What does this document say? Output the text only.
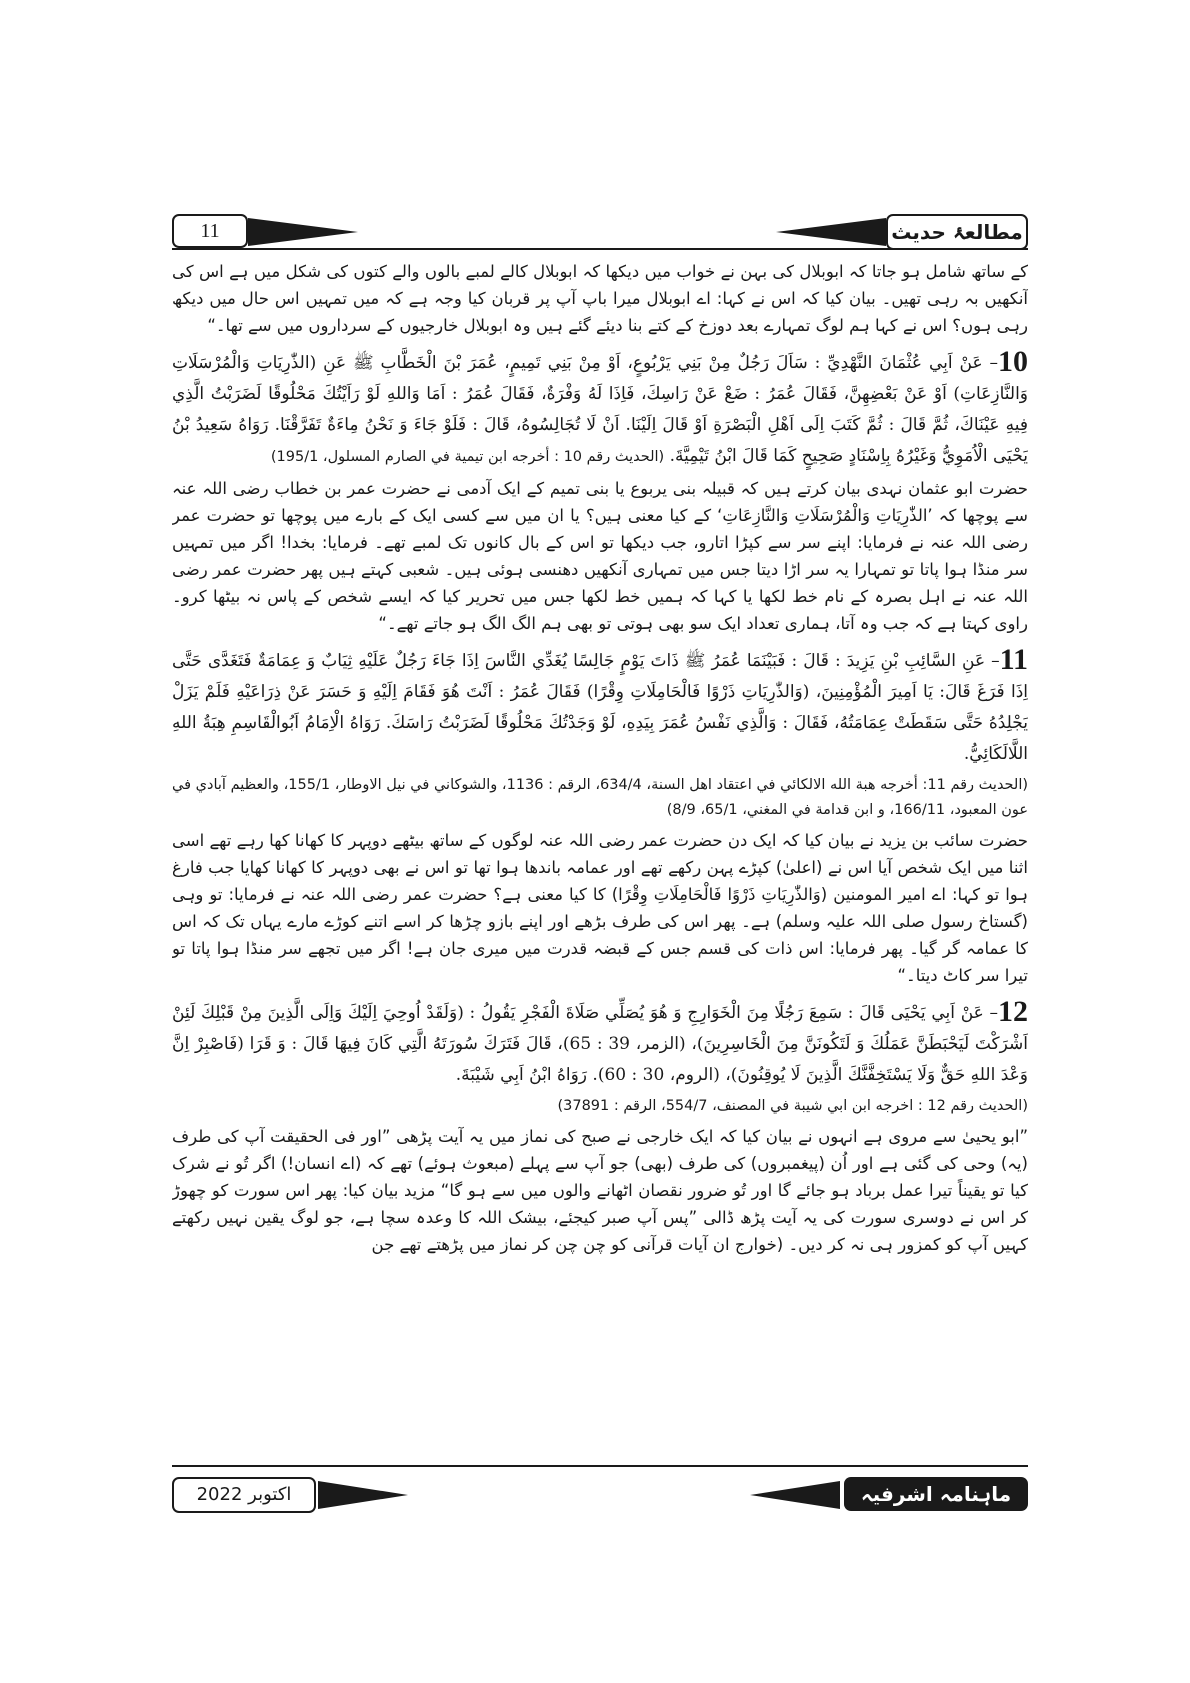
11	مطالعۂ حدیث

کے ساتھ شامل ہو جاتا کہ ابوبلال کی بہن نے خواب میں دیکھا کہ ابوبلال کالے لمبے بالوں والے کتوں کی شکل میں ہے اس کی آنکھیں بہ رہی تھیں۔ بیان کیا کہ اس نے کہا: اے ابوبلال میرا باپ آپ پر قربان کیا وجہ ہے کہ میں تمہیں اس حال میں دیکھ رہی ہوں؟ اس نے کہا ہم لوگ تمہارے بعد دوزخ کے کتے بنا دیئے گئے ہیں وہ ابوبلال خارجیوں کے سرداروں میں سے تھا۔“

10– عَنْ اَبِي عُثْمَانَ النَّهْدِيِّ : سَاَلَ رَجُلٌ مِنْ بَنِي يَرْبُوعٍ، اَوْ مِنْ بَنِي تَمِيمٍ، عُمَرَ بْنَ الْخَطَّابِ ﷺ عَنِ (الذّٰرِيَاتِ وَالْمُرْسَلَاتِ وَالنَّازِعَاتِ) اَوْ عَنْ بَعْضِهِنَّ، فَقَالَ عُمَرُ : ضَعْ عَنْ رَاسِكَ، فَاِذَا لَهُ وَفْرَةٌ، فَقَالَ عُمَرُ : اَمَا وَاللهِ لَوْ رَاَيْتُكَ مَحْلُوقًا لَضَرَبْتُ الَّذِي فِيهِ عَيْنَاكَ، ثُمَّ قَالَ : ثُمَّ كَتَبَ اِلَى اَهْلِ الْبَصْرَةِ اَوْ قَالَ اِلَيْنَا. اَنْ لَا تُجَالِسُوهُ، قَالَ : فَلَوْ جَاءَ وَ نَحْنُ مِاءَةٌ تَفَرَّقْنَا. رَوَاهُ سَعِيدُ بْنُ يَحْيَى الْاُمَوِيُّ وَغَيْرُهُ بِاِسْنَادٍ صَحِيحٍ كَمَا قَالَ ابْنُ تَيْمِيَّةَ. (الحديث رقم 10 : أخرجه ابن تيمية في الصارم المسلول، 195/1)

حضرت ابو عثمان نہدی بیان کرتے ہیں کہ قبیلہ بنی یربوع یا بنی تمیم کے ایک آدمی نے حضرت عمر بن خطاب رضی اللہ عنہ سے پوچھا کہ ’الذّٰرِيَاتِ وَالْمُرْسَلَاتِ وَالنَّازِعَاتِ‘ کے کیا معنی ہیں؟ یا ان میں سے کسی ایک کے بارے میں پوچھا تو حضرت عمر رضی اللہ عنہ نے فرمایا: اپنے سر سے کپڑا اتارو، جب دیکھا تو اس کے بال کانوں تک لمبے تھے۔ فرمایا: بخدا! اگر میں تمہیں سر منڈا ہوا پاتا تو تمہارا یہ سر اڑا دیتا جس میں تمہاری آنکھیں دھنسی ہوئی ہیں۔ شعبی کہتے ہیں پھر حضرت عمر رضی اللہ عنہ نے اہل بصرہ کے نام خط لکھا یا کہا کہ ہمیں خط لکھا جس میں تحریر کیا کہ ایسے شخص کے پاس نہ بیٹھا کرو۔ راوی کہتا ہے کہ جب وہ آتا، ہماری تعداد ایک سو بھی ہوتی تو بھی ہم الگ الگ ہو جاتے تھے۔“

11– عَنِ السَّائِبِ بْنِ يَزِيدَ : قَالَ : فَبَيْنَمَا عُمَرُ ﷺ ذَاتَ يَوْمٍ جَالِسًا يُغَدِّي النَّاسَ اِذَا جَاءَ رَجُلٌ عَلَيْهِ ثِيَابٌ وَ عِمَامَةٌ فَتَغَدَّى حَتَّى اِذَا فَرَغَ قَالَ: يَا اَمِيرَ الْمُؤْمِنِينَ، (وَالذّٰرِيَاتِ ذَرْوًا فَالْحَامِلَاتِ وِقْرًا) فَقَالَ عُمَرُ : اَنْتَ هُوَ فَقَامَ اِلَيْهِ وَ حَسَرَ عَنْ ذِرَاعَيْهِ فَلَمْ يَزَلْ يَجْلِدُهُ حَتَّى سَقَطَتْ عِمَامَتُهُ، فَقَالَ : وَالَّذِي نَفْسُ عُمَرَ بِيَدِهِ، لَوْ وَجَدْتُكَ مَحْلُوقًا لَضَرَبْتُ رَاسَكَ. رَوَاهُ الْاِمَامُ اَبُوالْقَاسِمِ هِبَةُ اللهِ اللَّالَكَائِيُّ.

(الحديث رقم 11: أخرجه هبة الله الالكائي في اعتقاد اهل السنة، 634/4، الرقم : 1136، والشوكاني في نيل الاوطار، 155/1، والعظيم آبادي في عون المعبود، 166/11، و ابن قدامة في المغني، 65/1، 8/9)

حضرت سائب بن یزید نے بیان کیا کہ ایک دن حضرت عمر رضی اللہ عنہ لوگوں کے ساتھ بیٹھے دوپہر کا کھانا کھا رہے تھے اسی اثنا میں ایک شخص آیا اس نے (اعلیٰ) کپڑے پہن رکھے تھے اور عمامہ باندھا ہوا تھا تو اس نے بھی دوپہر کا کھانا کھایا جب فارغ ہوا تو کہا: اے امیر المومنین (وَالذّٰرِيَاتِ ذَرْوًا فَالْحَامِلَاتِ وِقْرًا) کا کیا معنی ہے؟ حضرت عمر رضی اللہ عنہ نے فرمایا: تو وہی (گستاخ رسول صلی اللہ علیہ وسلم) ہے۔ پھر اس کی طرف بڑھے اور اپنے بازو چڑھا کر اسے اتنے کوڑے مارے یہاں تک کہ اس کا عمامہ گر گیا۔ پھر فرمایا: اس ذات کی قسم جس کے قبضہ قدرت میں میری جان ہے! اگر میں تجھے سر منڈا ہوا پاتا تو تیرا سر کاٹ دیتا۔“

12– عَنْ اَبِي يَحْيَى قَالَ : سَمِعَ رَجُلًا مِنَ الْخَوَارِجِ وَ هُوَ يُصَلِّي صَلَاةَ الْفَجْرِ يَقُولُ : (وَلَقَدْ اُوحِيَ اِلَيْكَ وَاِلَى الَّذِينَ مِنْ قَبْلِكَ لَئِنْ اَشْرَكْتَ لَيَحْبَطَنَّ عَمَلُكَ وَ لَتَكُونَنَّ مِنَ الْخَاسِرِينَ)، (الزمر، 39 : 65)، قَالَ فَتَرَكَ سُورَتَهُ الَّتِي كَانَ فِيهَا قَالَ : وَ قَرَا (فَاصْبِرْ اِنَّ وَعْدَ اللهِ حَقٌّ وَلَا يَسْتَخِفَّنَّكَ الَّذِينَ لَا يُوقِنُونَ)، (الروم، 30 : 60). رَوَاهُ ابْنُ اَبِي شَيْبَةَ.

(الحديث رقم 12 : اخرجه ابن ابي شيبة في المصنف، 554/7، الرقم : 37891)

”ابو یحییٰ سے مروی ہے انہوں نے بیان کیا کہ ایک خارجی نے صبح کی نماز میں یہ آیت پڑھی ”اور فی الحقیقت آپ کی طرف (یہ) وحی کی گئی ہے اور اُن (پیغمبروں) کی طرف (بھی) جو آپ سے پہلے (مبعوث ہوئے) تھے کہ (اے انسان!) اگر تُو نے شرک کیا تو یقیناً تیرا عمل برباد ہو جائے گا اور تُو ضرور نقصان اٹھانے والوں میں سے ہو گا“ مزید بیان کیا: پھر اس سورت کو چھوڑ کر اس نے دوسری سورت کی یہ آیت پڑھ ڈالی ”پس آپ صبر کیجئے، بیشک اللہ کا وعدہ سچا ہے، جو لوگ یقین نہیں رکھتے کہیں آپ کو کمزور ہی نہ کر دیں۔ (خوارج ان آیات قرآنی کو چن چن کر نماز میں پڑھتے تھے جن

اکتوبر 2022	ماہنامہ اشرفیہ
